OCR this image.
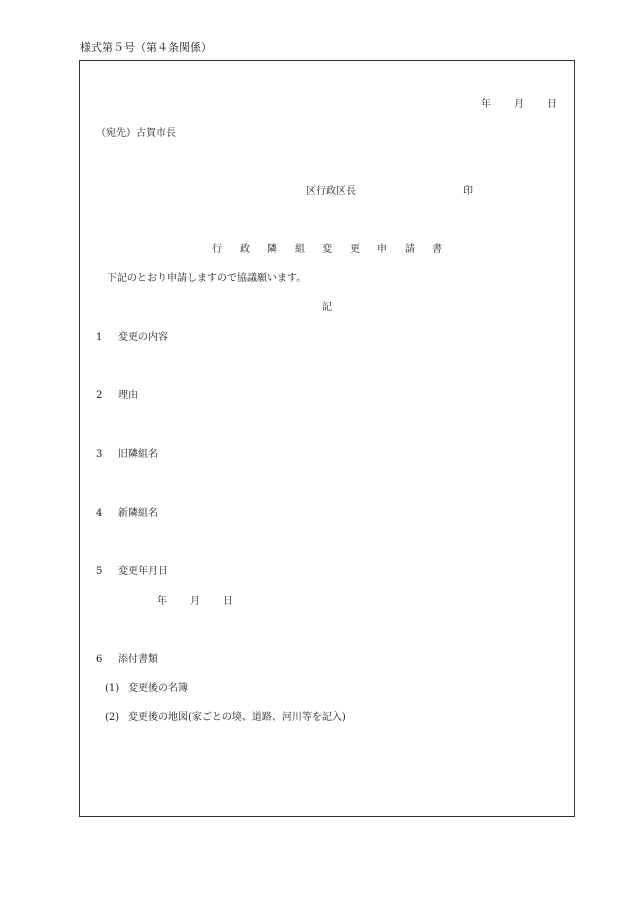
様式第５号（第４条関係）
年 月 日
（宛先）古賀市長
区行政区長	印
行 政 隣 組 変 更 申 請 書
下記のとおり申請しますので協議願います。
記
1 変更の内容
2 理由
3 旧隣組名
4 新隣組名
5 変更年月日
年 月 日
6 添付書類
(1) 変更後の名簿
(2) 変更後の地図(家ごとの境、道路、河川等を記入)
